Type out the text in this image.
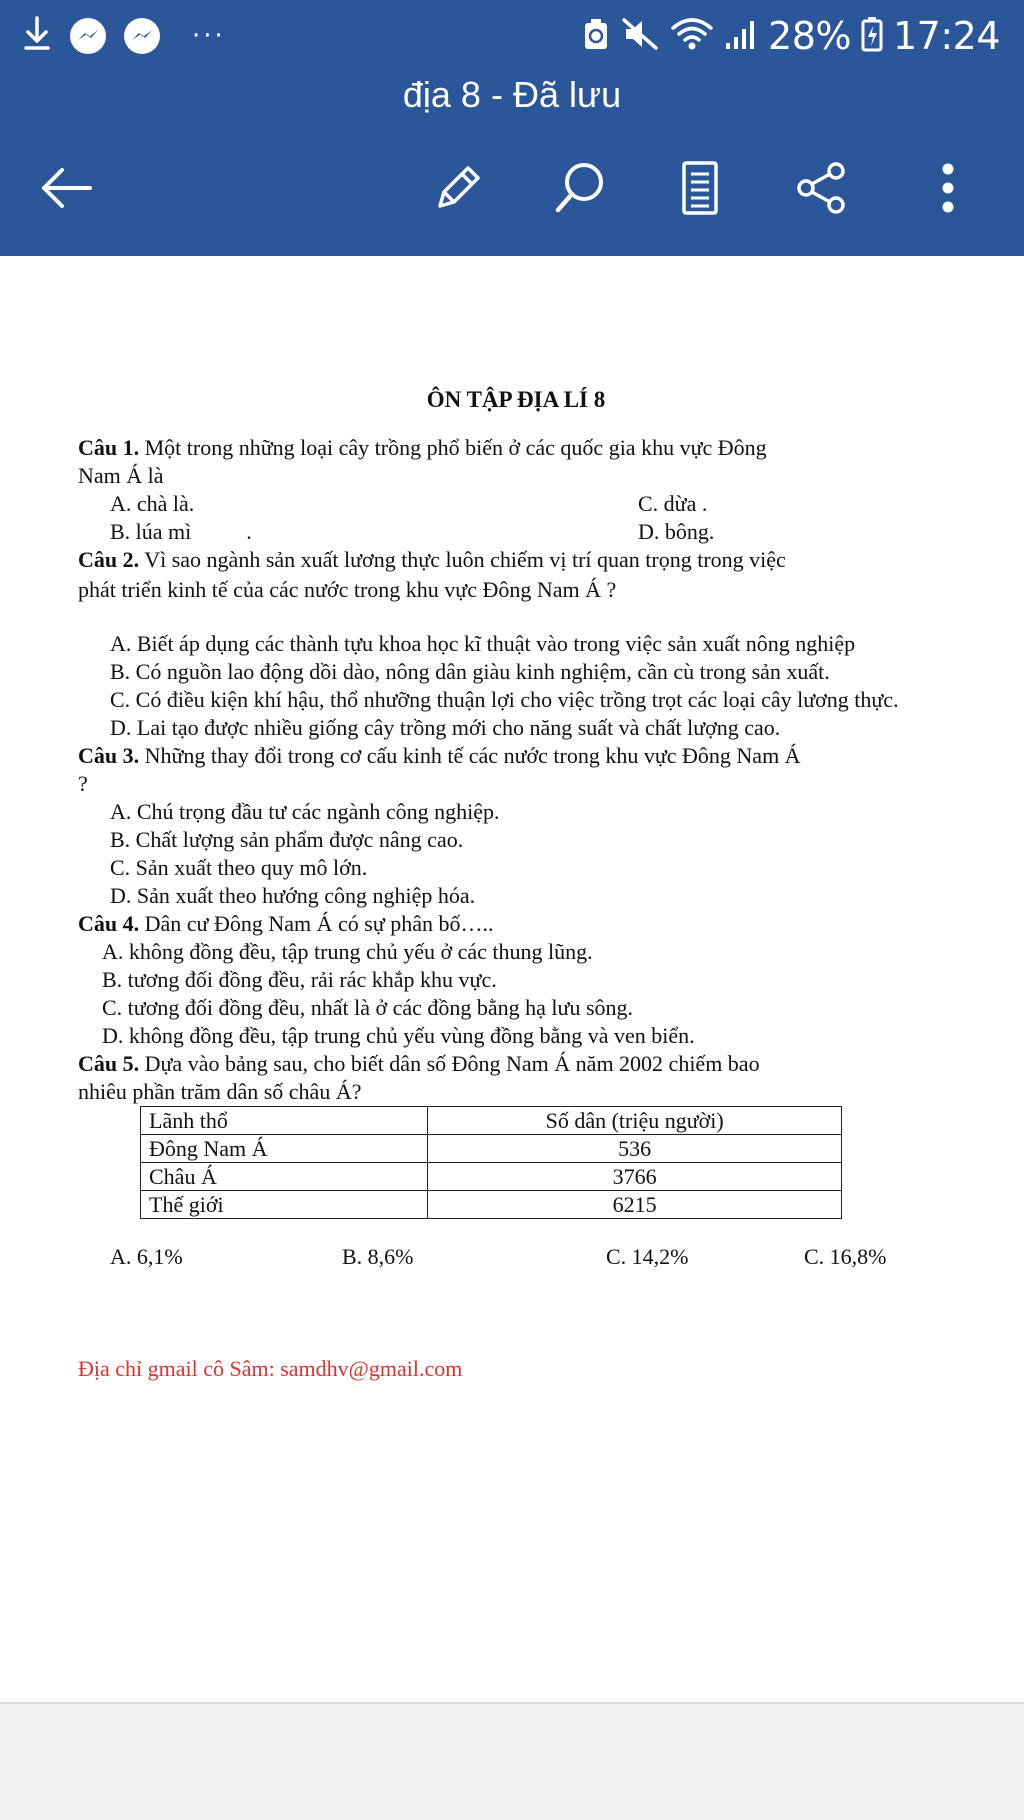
···	28% 17:24
địa 8 - Đã lưu
ÔN TẬP ĐỊA LÍ 8
Câu 1. Một trong những loại cây trồng phổ biến ở các quốc gia khu vực Đông
Nam Á là
A. chà là.	C. dừa .
B. lúa mì          .	D. bông.
Câu 2. Vì sao ngành sản xuất lương thực luôn chiếm vị trí quan trọng trong việc
phát triển kinh tế của các nước trong khu vực Đông Nam Á ?
A. Biết áp dụng các thành tựu khoa học kĩ thuật vào trong việc sản xuất nông nghiệp
B. Có nguồn lao động dồi dào, nông dân giàu kinh nghiệm, cần cù trong sản xuất.
C. Có điều kiện khí hậu, thổ nhưỡng thuận lợi cho việc trồng trọt các loại cây lương thực.
D. Lai tạo được nhiều giống cây trồng mới cho năng suất và chất lượng cao.
Câu 3. Những thay đổi trong cơ cấu kinh tế các nước trong khu vực Đông Nam Á
?
A. Chú trọng đầu tư các ngành công nghiệp.
B. Chất lượng sản phẩm được nâng cao.
C. Sản xuất theo quy mô lớn.
D. Sản xuất theo hướng công nghiệp hóa.
Câu 4. Dân cư Đông Nam Á có sự phân bố…..
A. không đồng đều, tập trung chủ yếu ở các thung lũng.
B. tương đối đồng đều, rải rác khắp khu vực.
C. tương đối đồng đều, nhất là ở các đồng bằng hạ lưu sông.
D. không đồng đều, tập trung chủ yếu vùng đồng bằng và ven biển.
Câu 5. Dựa vào bảng sau, cho biết dân số Đông Nam Á năm 2002 chiếm bao
nhiêu phần trăm dân số châu Á?
Lãnh thổ	Số dân (triệu người)
Đông Nam Á	536
Châu Á	3766
Thế giới	6215
A. 6,1%	B. 8,6%	C. 14,2%	C. 16,8%
Địa chỉ gmail cô Sâm: samdhv@gmail.com
